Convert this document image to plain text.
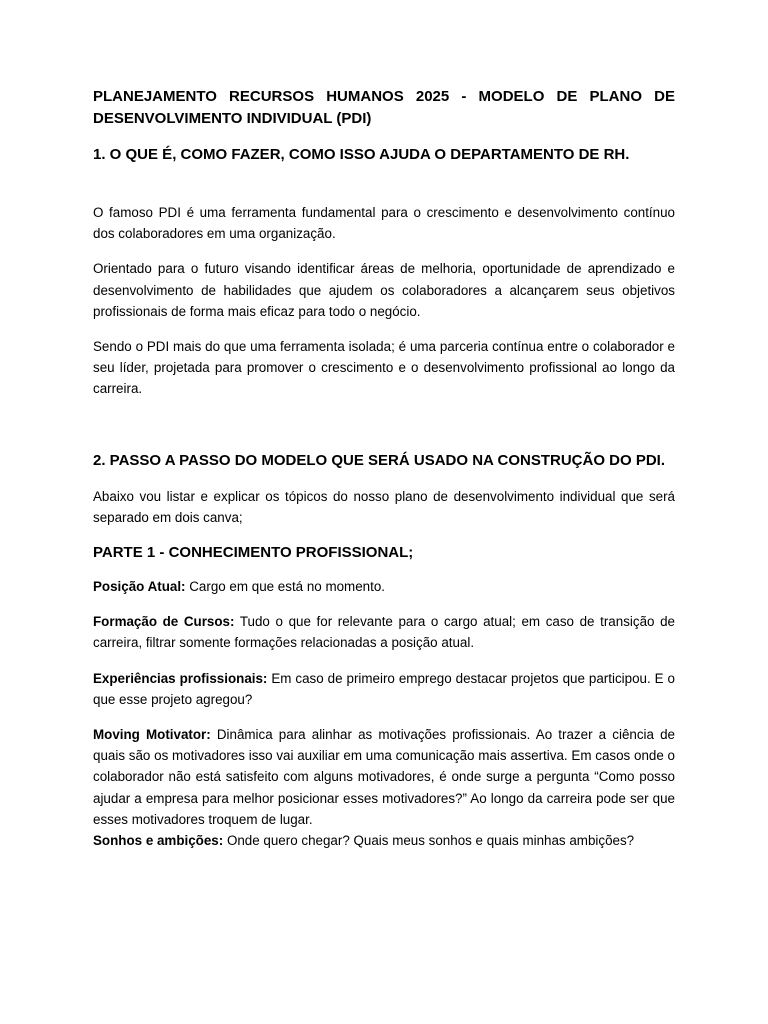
PLANEJAMENTO RECURSOS HUMANOS 2025 - MODELO DE PLANO DE DESENVOLVIMENTO INDIVIDUAL (PDI)

1. O QUE É, COMO FAZER, COMO ISSO AJUDA O DEPARTAMENTO DE RH.

O famoso PDI é uma ferramenta fundamental para o crescimento e desenvolvimento contínuo dos colaboradores em uma organização.

Orientado para o futuro visando identificar áreas de melhoria, oportunidade de aprendizado e desenvolvimento de habilidades que ajudem os colaboradores a alcançarem seus objetivos profissionais de forma mais eficaz para todo o negócio.

Sendo o PDI mais do que uma ferramenta isolada; é uma parceria contínua entre o colaborador e seu líder, projetada para promover o crescimento e o desenvolvimento profissional ao longo da carreira.

2. PASSO A PASSO DO MODELO QUE SERÁ USADO NA CONSTRUÇÃO DO PDI.

Abaixo vou listar e explicar os tópicos do nosso plano de desenvolvimento individual que será separado em dois canva;

PARTE 1 - CONHECIMENTO PROFISSIONAL;

Posição Atual: Cargo em que está no momento.

Formação de Cursos: Tudo o que for relevante para o cargo atual; em caso de transição de carreira, filtrar somente formações relacionadas a posição atual.

Experiências profissionais: Em caso de primeiro emprego destacar projetos que participou. E o que esse projeto agregou?

Moving Motivator: Dinâmica para alinhar as motivações profissionais. Ao trazer a ciência de quais são os motivadores isso vai auxiliar em uma comunicação mais assertiva. Em casos onde o colaborador não está satisfeito com alguns motivadores, é onde surge a pergunta “Como posso ajudar a empresa para melhor posicionar esses motivadores?” Ao longo da carreira pode ser que esses motivadores troquem de lugar.

Sonhos e ambições: Onde quero chegar? Quais meus sonhos e quais minhas ambições?
